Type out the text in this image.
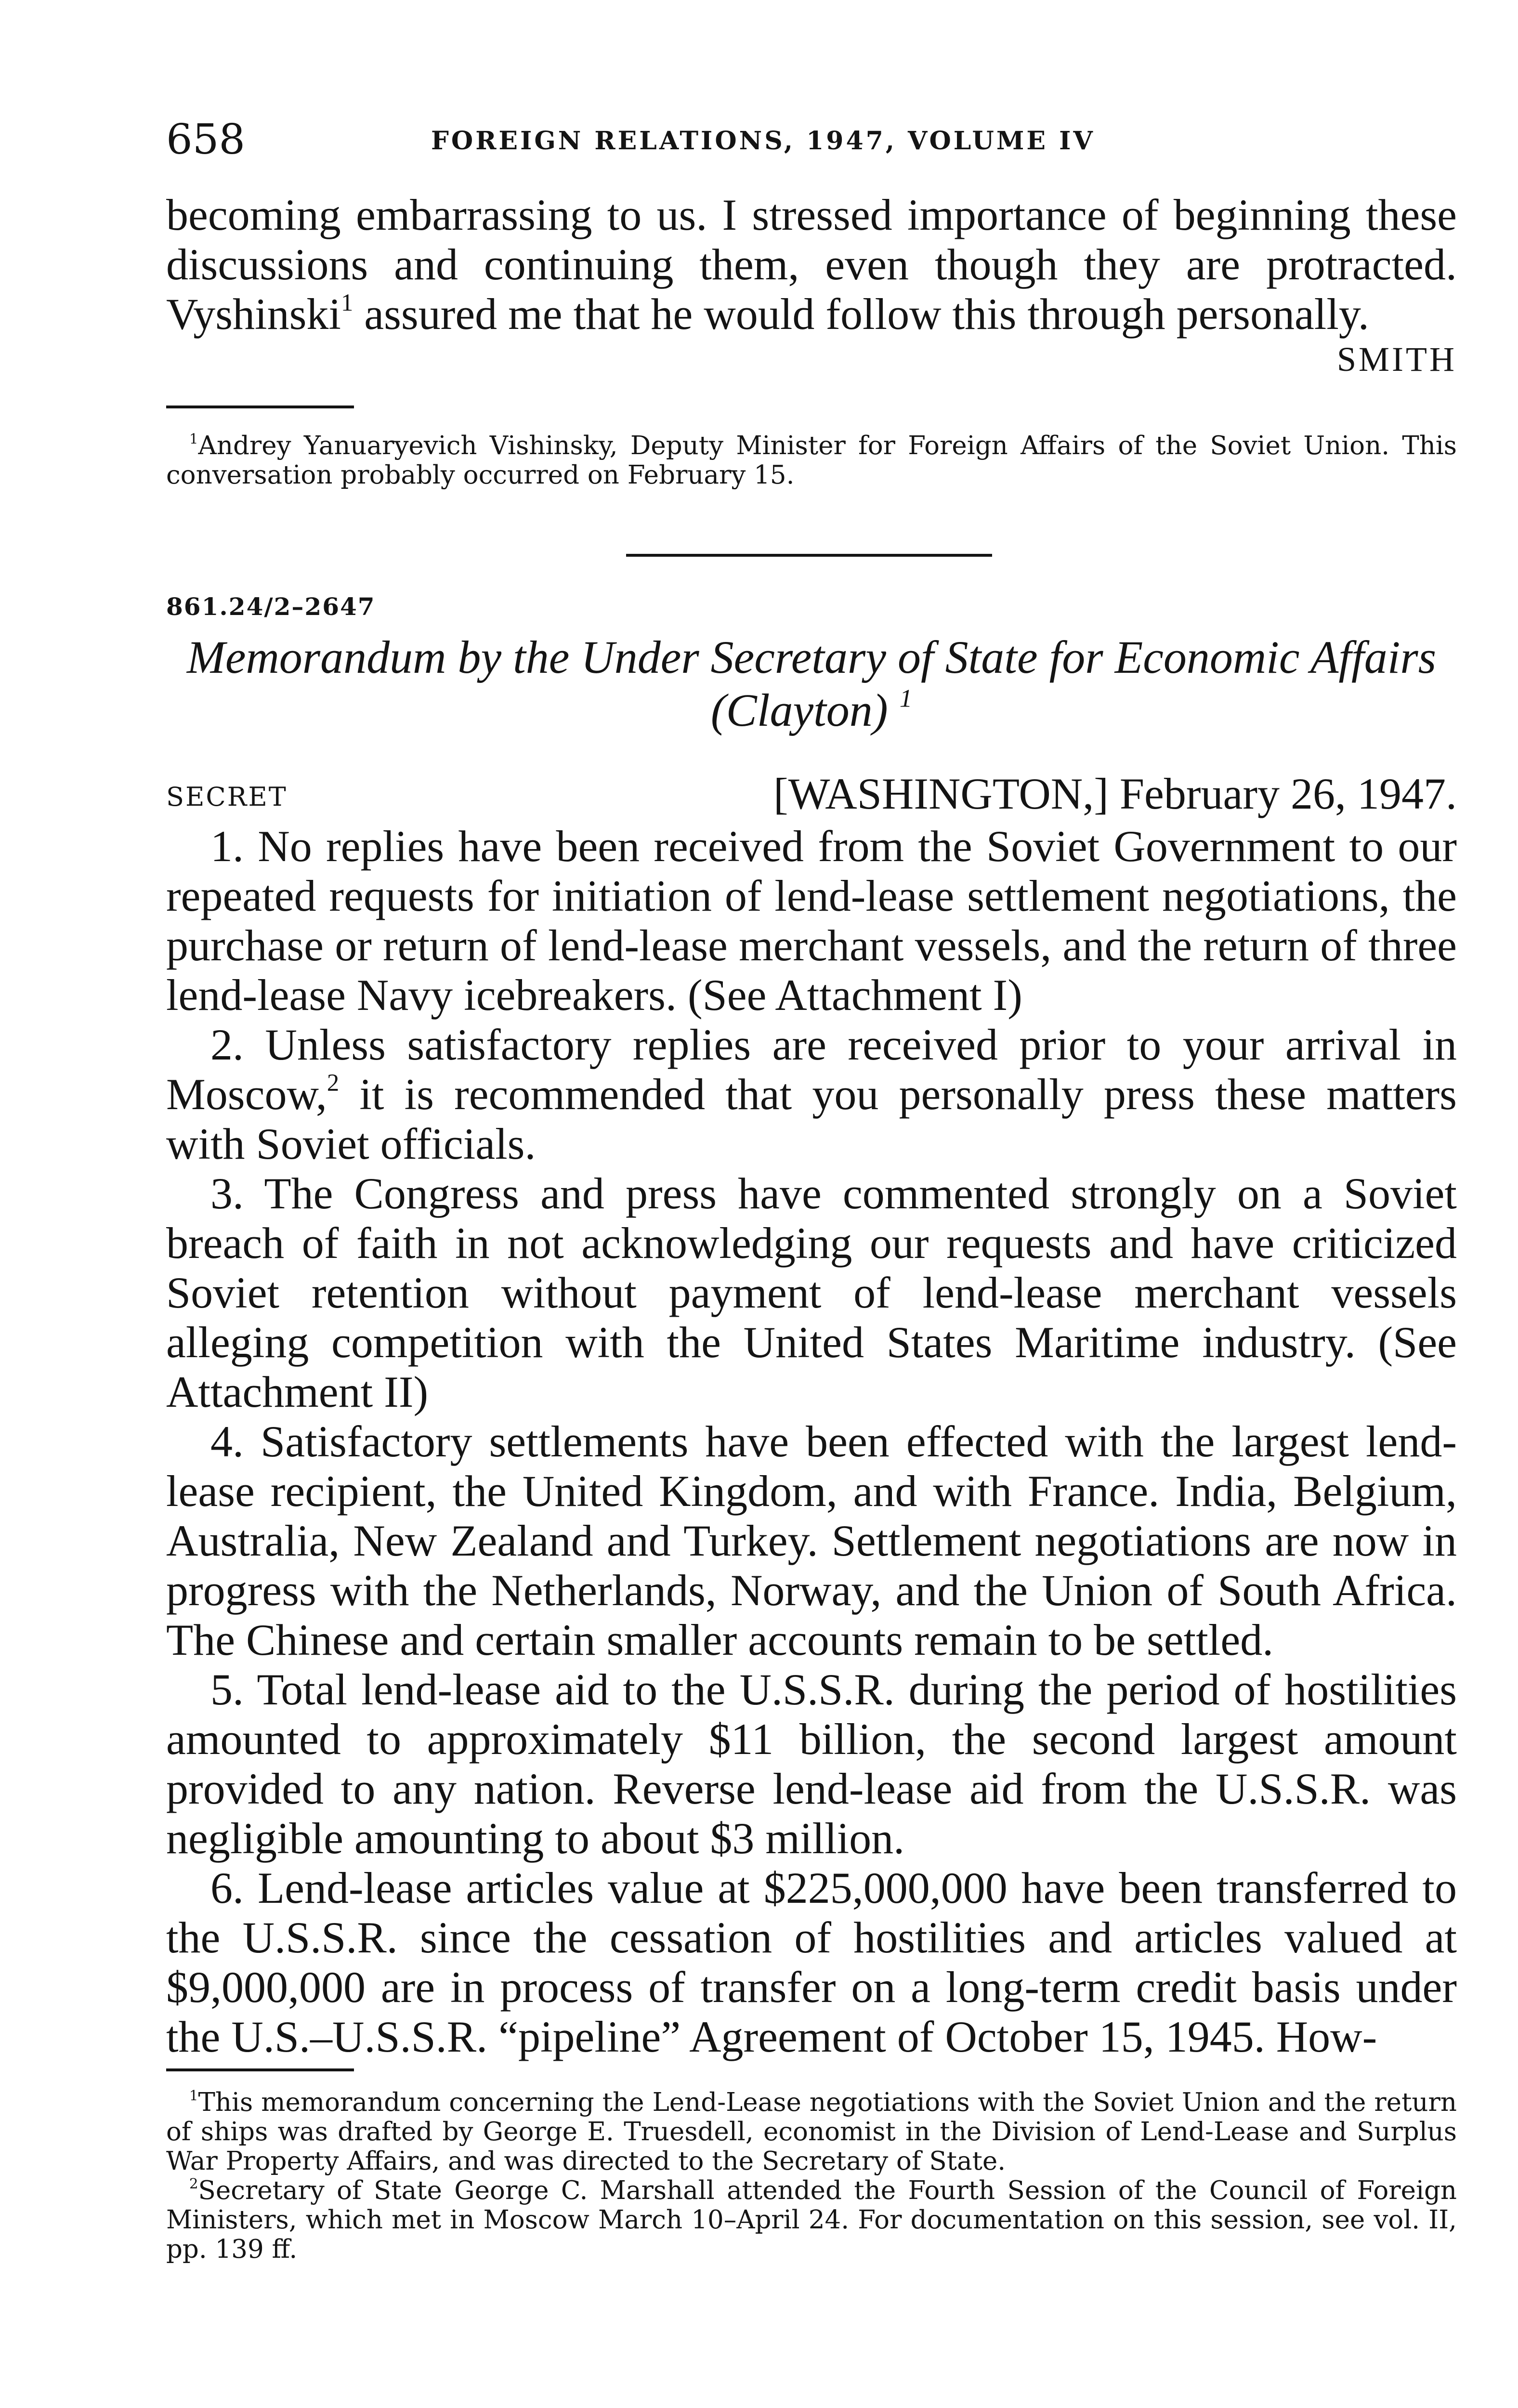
658	FOREIGN RELATIONS, 1947, VOLUME IV

becoming embarrassing to us. I stressed importance of beginning these discussions and continuing them, even though they are protracted. Vyshinski$^1$ assured me that he would follow this through personally.

SMITH

$^1$Andrey Yanuaryevich Vishinsky, Deputy Minister for Foreign Affairs of the Soviet Union. This conversation probably occurred on February 15.

861.24/2–2647
Memorandum by the Under Secretary of State for Economic Affairs
(Clayton) $^1$
SECRET	[WASHINGTON,] February 26, 1947.

1. No replies have been received from the Soviet Government to our repeated requests for initiation of lend-lease settlement negotiations, the purchase or return of lend-lease merchant vessels, and the return of three lend-lease Navy icebreakers. (See Attachment I)

2. Unless satisfactory replies are received prior to your arrival in Moscow,$^2$ it is recommended that you personally press these matters with Soviet officials.

3. The Congress and press have commented strongly on a Soviet breach of faith in not acknowledging our requests and have criticized Soviet retention without payment of lend-lease merchant vessels alleging competition with the United States Maritime industry. (See Attachment II)

4. Satisfactory settlements have been effected with the largest lend-lease recipient, the United Kingdom, and with France. India, Belgium, Australia, New Zealand and Turkey. Settlement negotiations are now in progress with the Netherlands, Norway, and the Union of South Africa. The Chinese and certain smaller accounts remain to be settled.

5. Total lend-lease aid to the U.S.S.R. during the period of hostilities amounted to approximately $11 billion, the second largest amount provided to any nation. Reverse lend-lease aid from the U.S.S.R. was negligible amounting to about $3 million.

6. Lend-lease articles value at $225,000,000 have been transferred to the U.S.S.R. since the cessation of hostilities and articles valued at $9,000,000 are in process of transfer on a long-term credit basis under the U.S.–U.S.S.R. “pipeline” Agreement of October 15, 1945. How-

$^1$This memorandum concerning the Lend-Lease negotiations with the Soviet Union and the return of ships was drafted by George E. Truesdell, economist in the Division of Lend-Lease and Surplus War Property Affairs, and was directed to the Secretary of State.
$^2$Secretary of State George C. Marshall attended the Fourth Session of the Council of Foreign Ministers, which met in Moscow March 10–April 24. For documentation on this session, see vol. II, pp. 139 ff.
